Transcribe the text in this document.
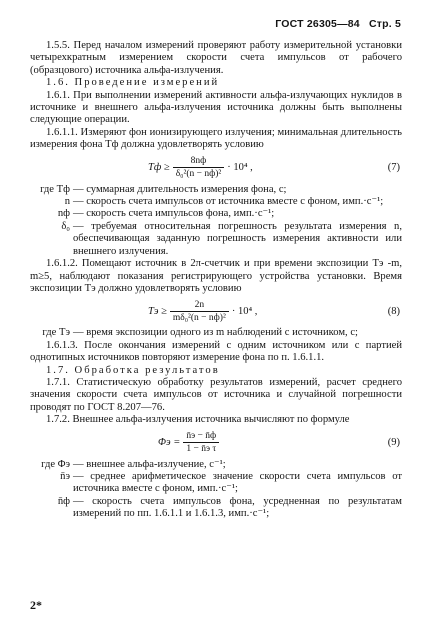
ГОСТ 26305—84 Стр. 5

1.5.5. Перед началом измерений проверяют работу измерительной установки четырехкратным измерением скорости счета импульсов от рабочего (образцового) источника альфа-излучения.

1.6. Проведение измерений

1.6.1. При выполнении измерений активности альфа-излучающих нуклидов в источнике и внешнего альфа-излучения источника должны быть выполнены следующие операции.

1.6.1.1. Измеряют фон ионизирующего излучения; минимальная длительность измерения фона Tф должна удовлетворять условию

Tф ≥ $\frac{8nф}{\text{δ₀²(n − nф)²}} \cdot 10^4$ ,	(7)
где Tф — суммарная длительность измерения фона, с;
n — скорость счета импульсов от источника вместе с фоном, имп.·с⁻¹;
nф — скорость счета импульсов фона, имп.·с⁻¹;
δ₀ — требуемая относительная погрешность результата измерения n, обеспечивающая заданную погрешность измерения активности или внешнего излучения.

1.6.1.2. Помещают источник в 2π-счетчик и при времени экспозиции Tэ -m, m≥5, наблюдают показания регистрирующего устройства установки. Время экспозиции Tэ должно удовлетворять условию

Tэ ≥ $\frac{2n}{\text{mδ₀²(n − nф)²}} \cdot 10^4$ ,	(8)
где Tэ — время экспозиции одного из m наблюдений с источником, с;

1.6.1.3. После окончания измерений с одним источником или с партией однотипных источников повторяют измерение фона по п. 1.6.1.1.

1.7. Обработка результатов

1.7.1. Статистическую обработку результатов измерений, расчет среднего значения скорости счета импульсов от источника и случайной погрешности проводят по ГОСТ 8.207—76.

1.7.2. Внешнее альфа-излучения источника вычисляют по формуле

$\Phi э = \frac{n̄э - n̄ф}{\text{1 − n̄э τ}}$	(9)
где Φэ — внешнее альфа-излучение, с⁻¹;
n̄э — среднее арифметическое значение скорости счета импульсов от источника вместе с фоном, имп.·с⁻¹;
n̄ф — скорость счета импульсов фона, усредненная по результатам измерений по пп. 1.6.1.1 и 1.6.1.3, имп.·с⁻¹;
2*
